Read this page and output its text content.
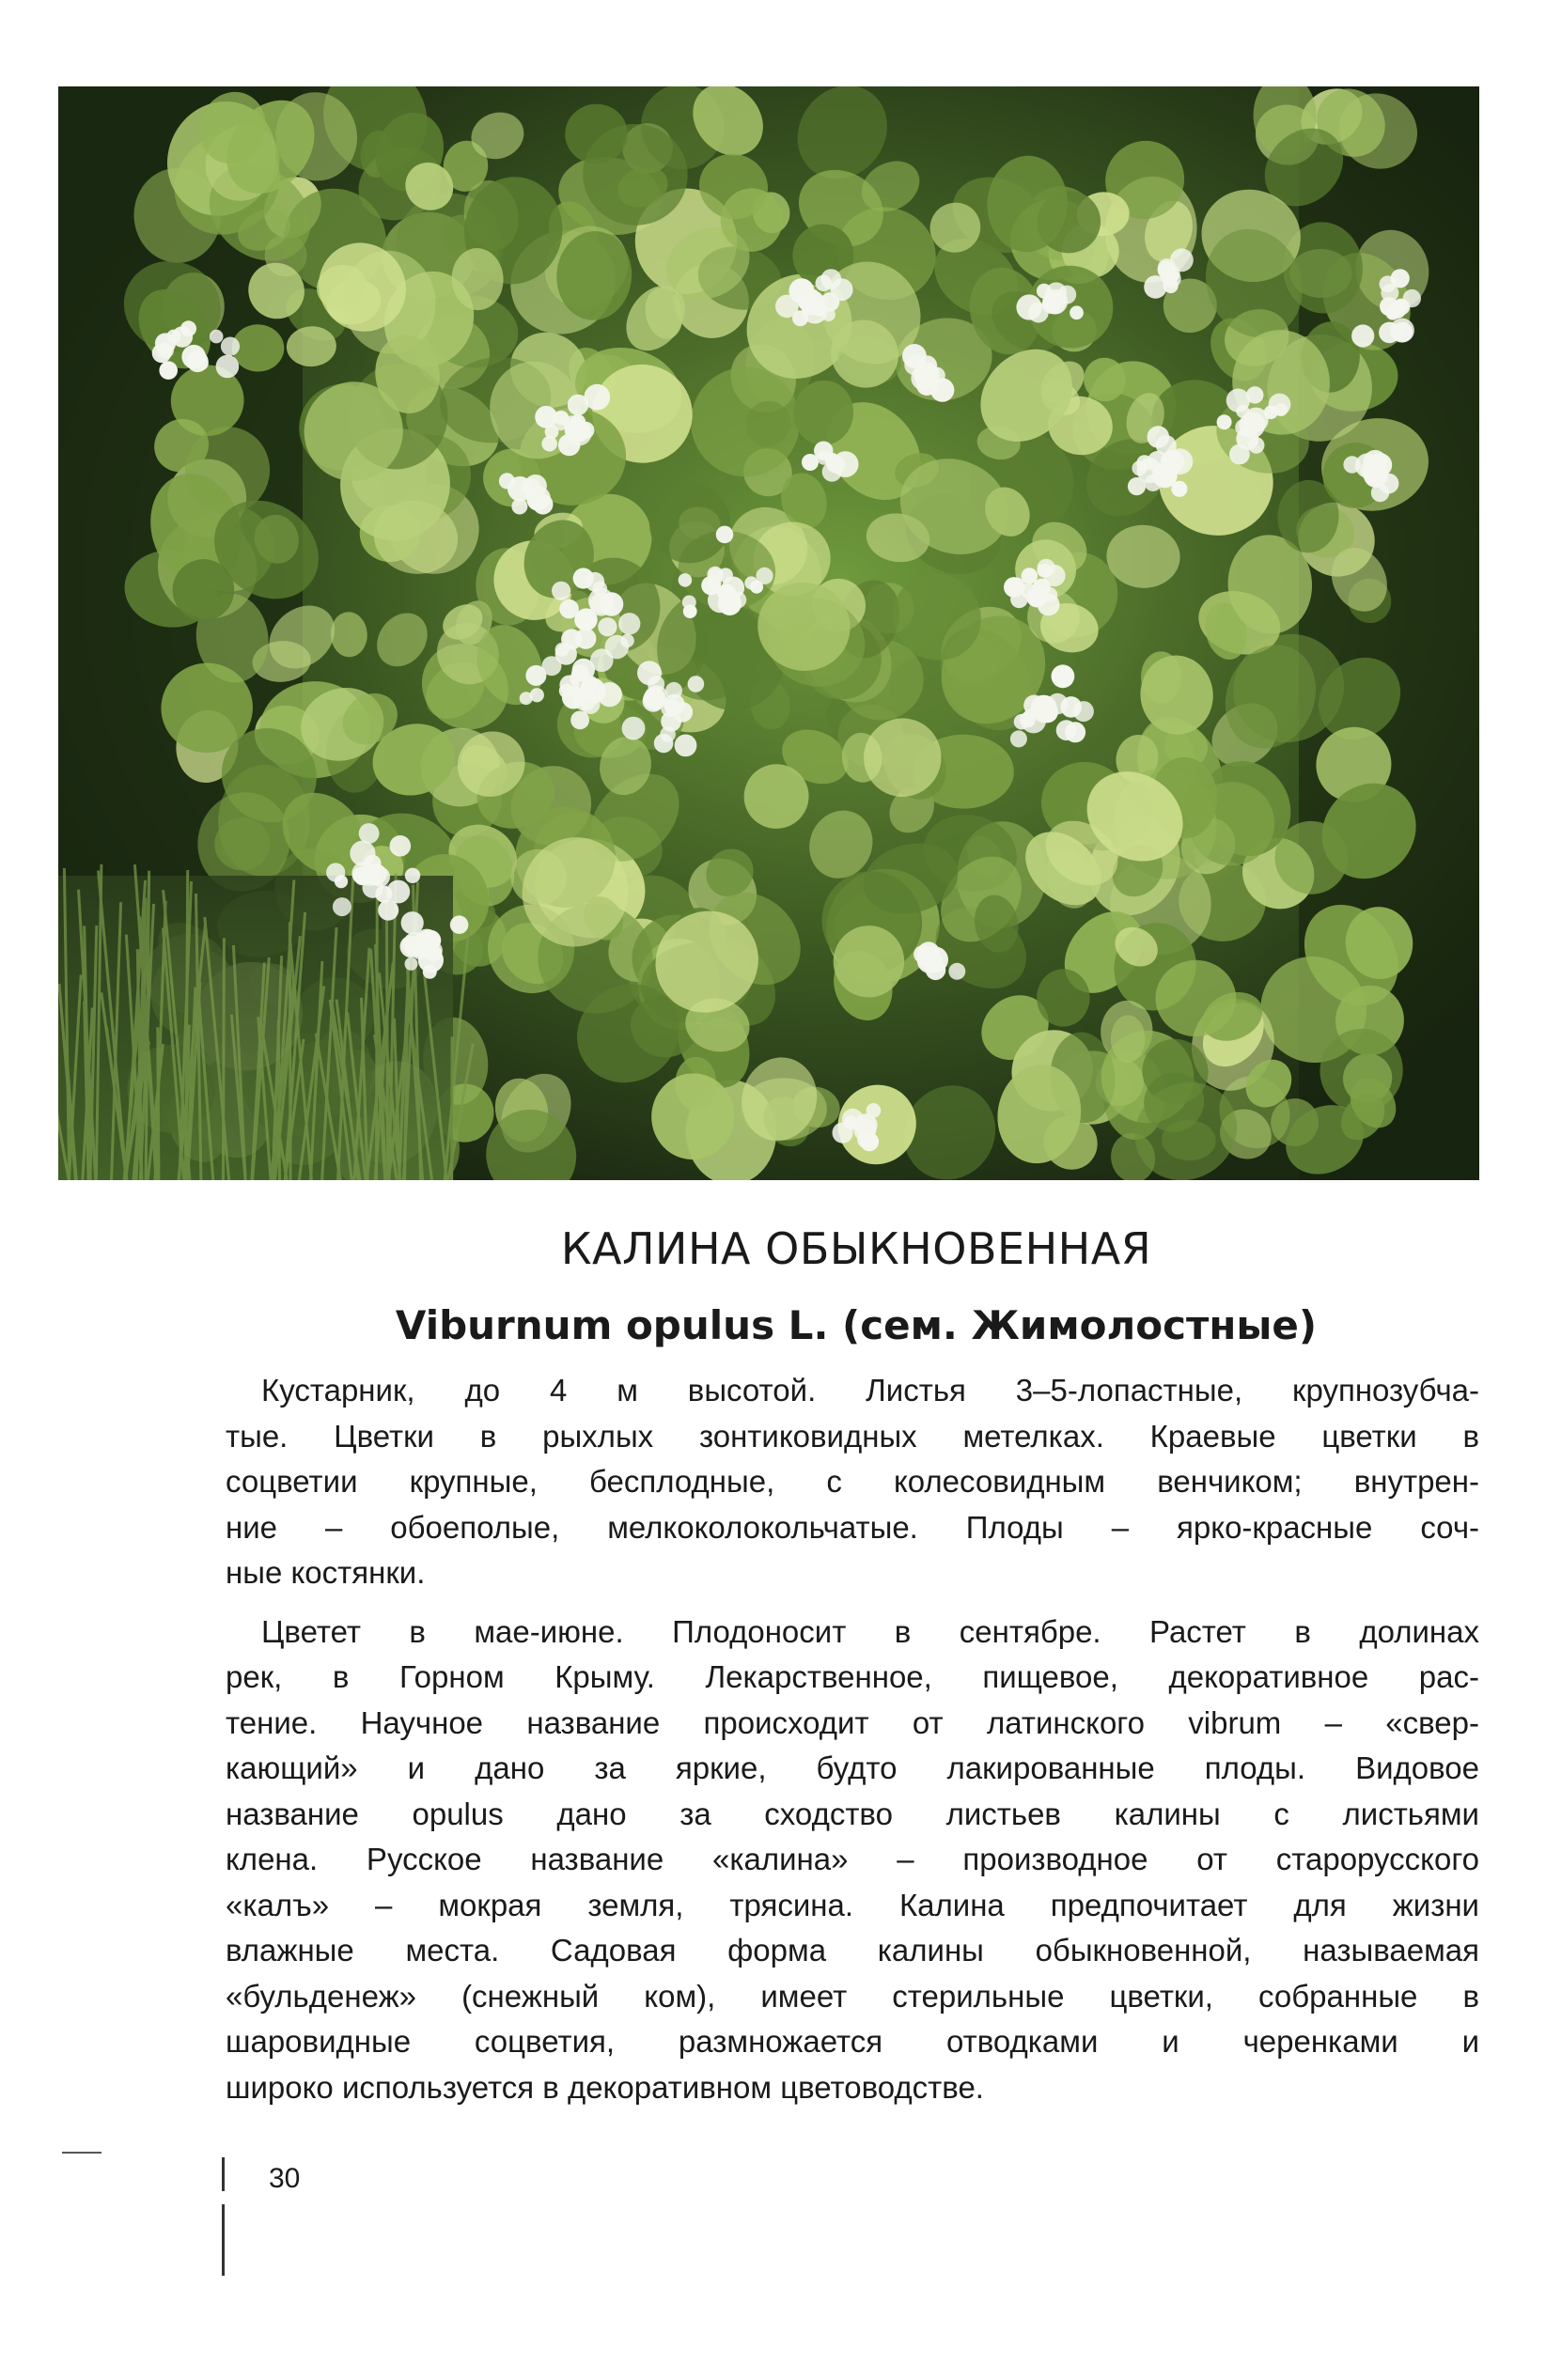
КАЛИНА ОБЫКНОВЕННАЯ
Viburnum opulus L. (сем. Жимолостные)

Кустарник, до 4 м высотой. Листья 3–5-лопастные, крупнозубча-
тые. Цветки в рыхлых зонтиковидных метелках. Краевые цветки в
соцветии крупные, бесплодные, с колесовидным венчиком; внутрен-
ние – обоеполые, мелкоколокольчатые. Плоды – ярко-красные соч-
ные костянки.

Цветет в мае-июне. Плодоносит в сентябре. Растет в долинах
рек, в Горном Крыму. Лекарственное, пищевое, декоративное рас-
тение. Научное название происходит от латинского vibrum – «свер-
кающий» и дано за яркие, будто лакированные плоды. Видовое
название opulus дано за сходство листьев калины с листьями
клена. Русское название «калина» – производное от старорусского
«калъ» – мокрая земля, трясина. Калина предпочитает для жизни
влажные места. Садовая форма калины обыкновенной, называемая
«бульденеж» (снежный ком), имеет стерильные цветки, собранные в
шаровидные соцветия, размножается отводками и черенками и
широко используется в декоративном цветоводстве.

30
